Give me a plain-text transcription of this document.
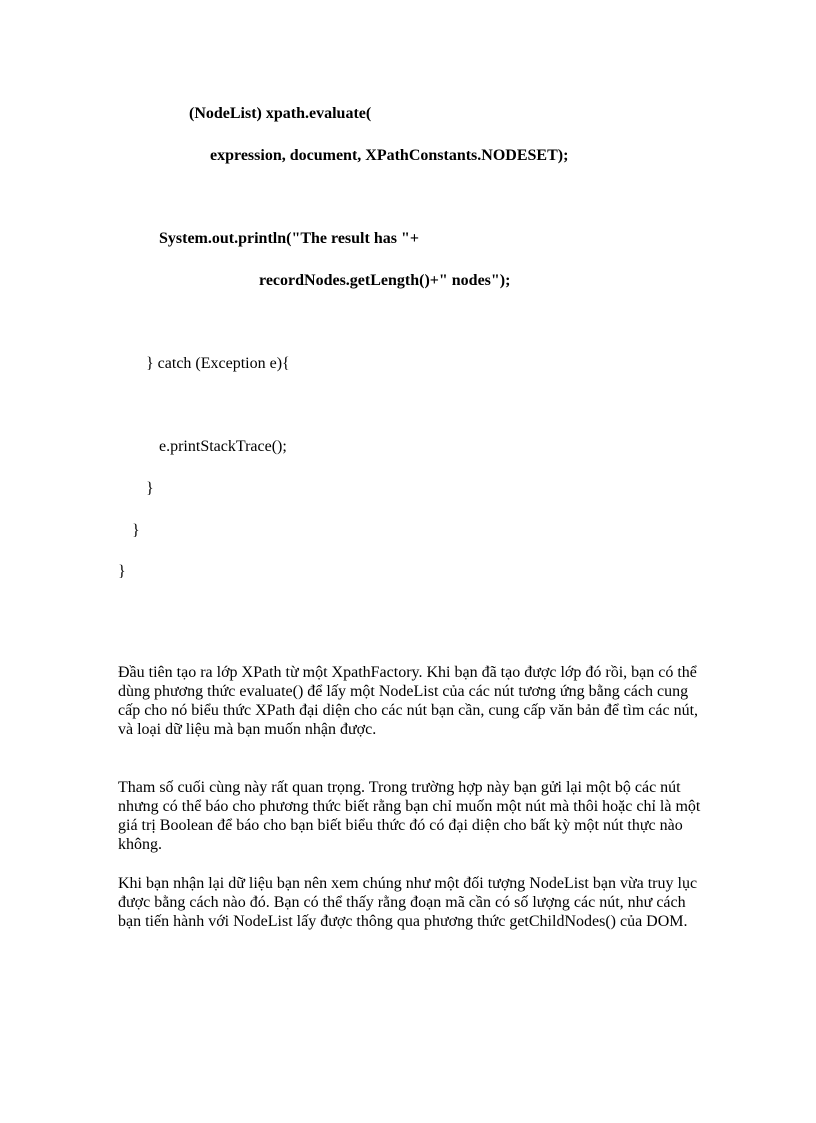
(NodeList) xpath.evaluate(

expression, document, XPathConstants.NODESET);

System.out.println("The result has "+

recordNodes.getLength()+" nodes");

} catch (Exception e){

e.printStackTrace();

}

}

}

Đầu tiên tạo ra lớp XPath từ một XpathFactory. Khi bạn đã tạo được lớp đó rồi, bạn có thể dùng phương thức evaluate() để lấy một NodeList của các nút tương ứng bằng cách cung cấp cho nó biểu thức XPath đại diện cho các nút bạn cần, cung cấp văn bản để tìm các nút, và loại dữ liệu mà bạn muốn nhận được.

Tham số cuối cùng này rất quan trọng. Trong trường hợp này bạn gửi lại một bộ các nút nhưng có thể báo cho phương thức biết rằng bạn chỉ muốn một nút mà thôi hoặc chỉ là một giá trị Boolean để báo cho bạn biết biểu thức đó có đại diện cho bất kỳ một nút thực nào không.

Khi bạn nhận lại dữ liệu bạn nên xem chúng như một đối tượng NodeList bạn vừa truy lục được bằng cách nào đó. Bạn có thể thấy rằng đoạn mã cần có số lượng các nút, như cách bạn tiến hành với NodeList lấy được thông qua phương thức getChildNodes() của DOM.
